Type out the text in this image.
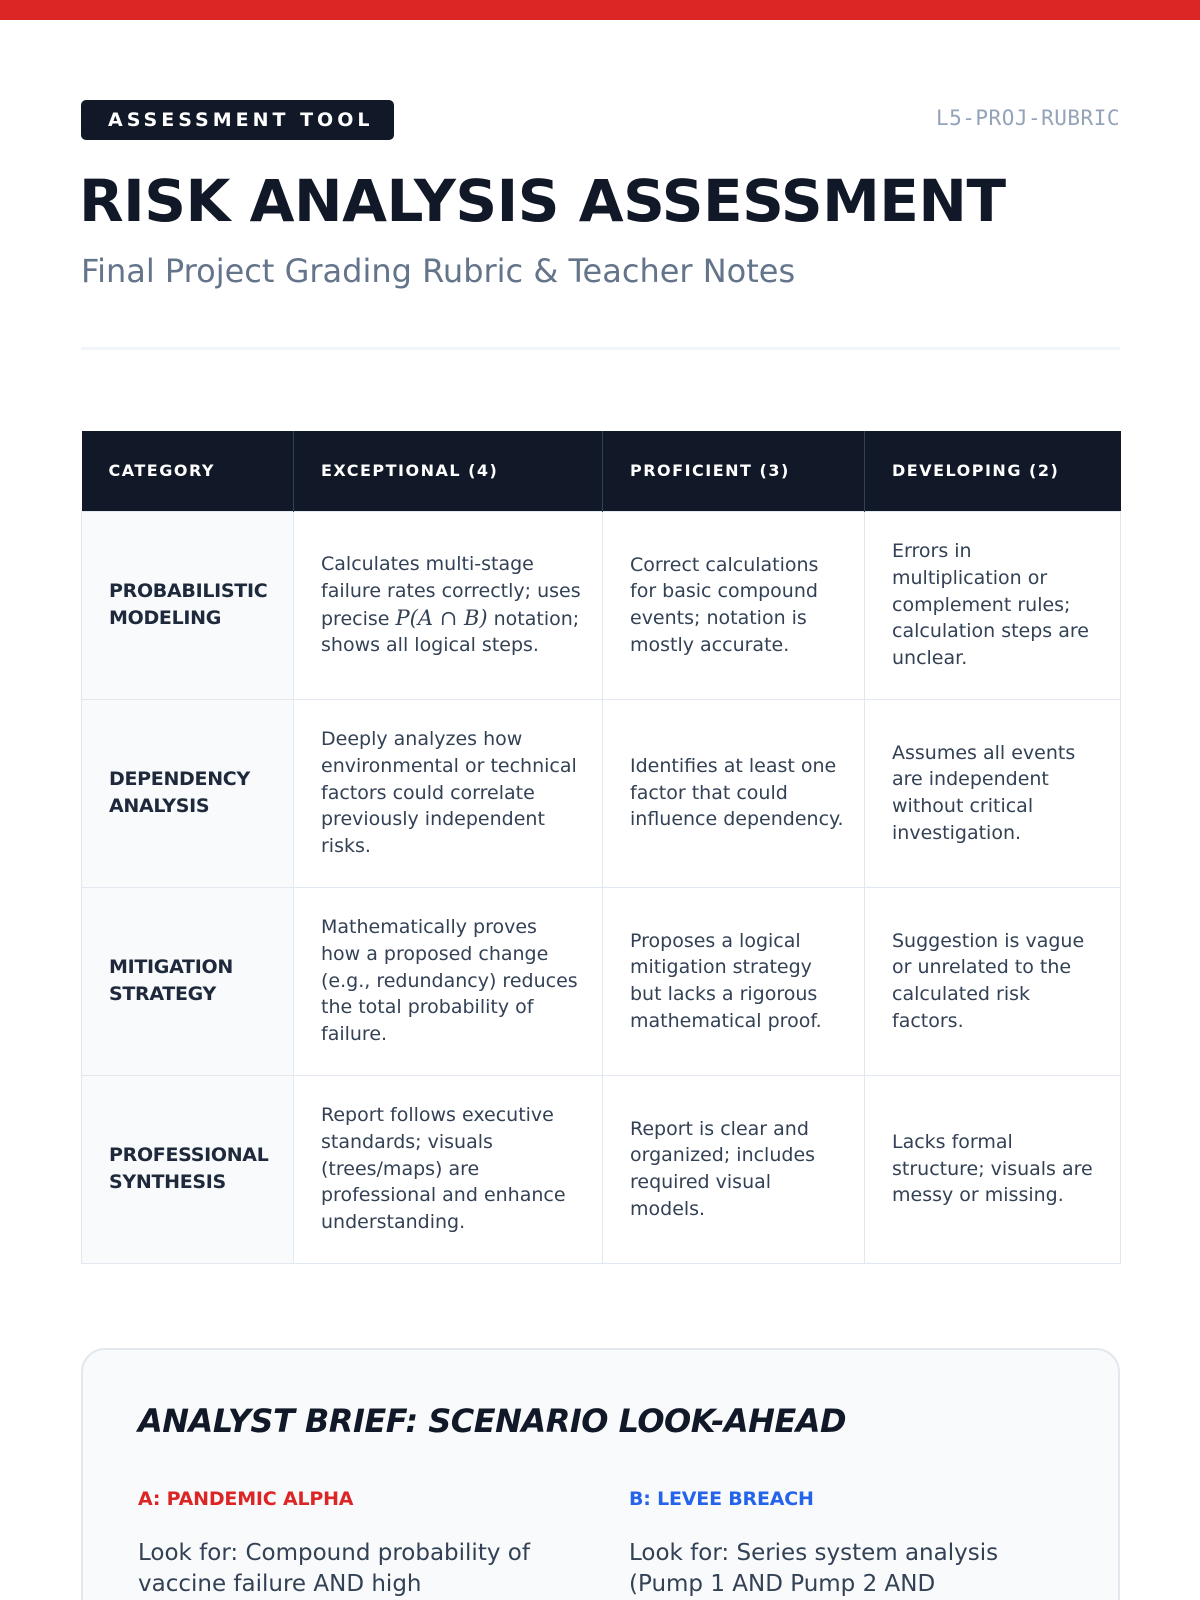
ASSESSMENT TOOL	L5-PROJ-RUBRIC
RISK ANALYSIS ASSESSMENT
Final Project Grading Rubric & Teacher Notes
CATEGORY	EXCEPTIONAL (4)	PROFICIENT (3)	DEVELOPING (2)
PROBABILISTIC MODELING	Calculates multi-stage failure rates correctly; uses precise P(A ∩ B) notation; shows all logical steps.	Correct calculations for basic compound events; notation is mostly accurate.	Errors in multiplication or complement rules; calculation steps are unclear.
DEPENDENCY ANALYSIS	Deeply analyzes how environmental or technical factors could correlate previously independent risks.	Identifies at least one factor that could influence dependency.	Assumes all events are independent without critical investigation.
MITIGATION STRATEGY	Mathematically proves how a proposed change (e.g., redundancy) reduces the total probability of failure.	Proposes a logical mitigation strategy but lacks a rigorous mathematical proof.	Suggestion is vague or unrelated to the calculated risk factors.
PROFESSIONAL SYNTHESIS	Report follows executive standards; visuals (trees/maps) are professional and enhance understanding.	Report is clear and organized; includes required visual models.	Lacks formal structure; visuals are messy or missing.
ANALYST BRIEF: SCENARIO LOOK-AHEAD
A: PANDEMIC ALPHA
Look for: Compound probability of vaccine failure AND high
B: LEVEE BREACH
Look for: Series system analysis (Pump 1 AND Pump 2 AND
